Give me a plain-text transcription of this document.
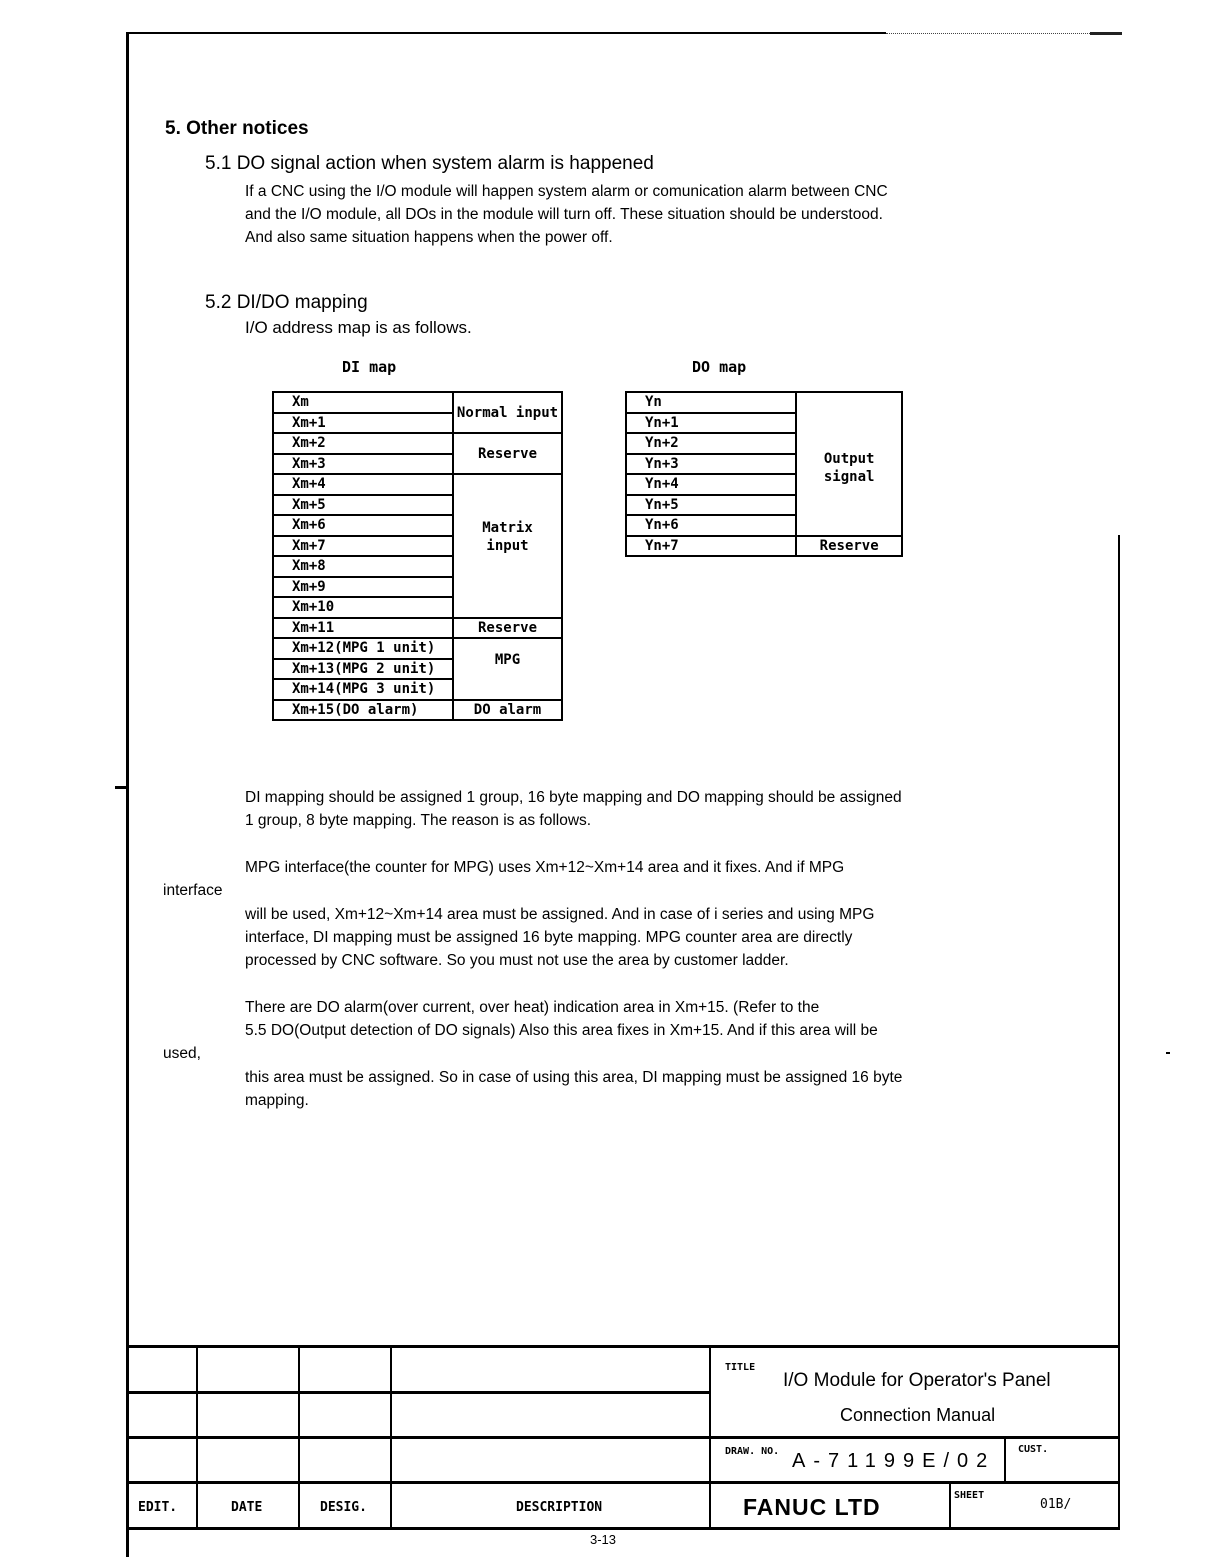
5. Other notices
5.1 DO signal action when system alarm is happened
If a CNC using the I/O module will happen system alarm or comunication alarm between CNC
and the I/O module, all DOs in the module will turn off. These situation should be understood.
And also same situation happens when the power off.
5.2 DI/DO mapping
I/O address map is as follows.
DI map
Xm	Normal input
Xm+1	
Xm+2	Reserve
Xm+3	
Xm+4	Matrix input
Xm+5	
Xm+6	
Xm+7	
Xm+8	
Xm+9	
Xm+10	
Xm+11	Reserve
Xm+12(MPG 1 unit)	MPG
Xm+13(MPG 2 unit)	
Xm+14(MPG 3 unit)	
Xm+15(DO alarm)	DO alarm
DO map
Yn	Output signal
Yn+1	
Yn+2	
Yn+3	
Yn+4	
Yn+5	
Yn+6	
Yn+7	Reserve
DI mapping should be assigned 1 group, 16 byte mapping and DO mapping should be assigned
1 group, 8 byte mapping. The reason is as follows.
MPG interface(the counter for MPG) uses Xm+12~Xm+14 area and it fixes. And if MPG
interface
will be used, Xm+12~Xm+14 area must be assigned. And in case of i series and using MPG
interface, DI mapping must be assigned 16 byte mapping. MPG counter area are directly
processed by CNC software. So you must not use the area by customer ladder.
There are DO alarm(over current, over heat) indication area in Xm+15. (Refer to the
5.5 DO(Output detection of DO signals) Also this area fixes in Xm+15. And if this area will be
used,
this area must be assigned. So in case of using this area, DI mapping must be assigned 16 byte
mapping.
EDIT.	DATE	DESIG.	DESCRIPTION
TITLE
I/O Module for Operator's Panel
Connection Manual
DRAW. NO. A-71199E/02
CUST.
FANUC LTD	SHEET
01B/
3-13
